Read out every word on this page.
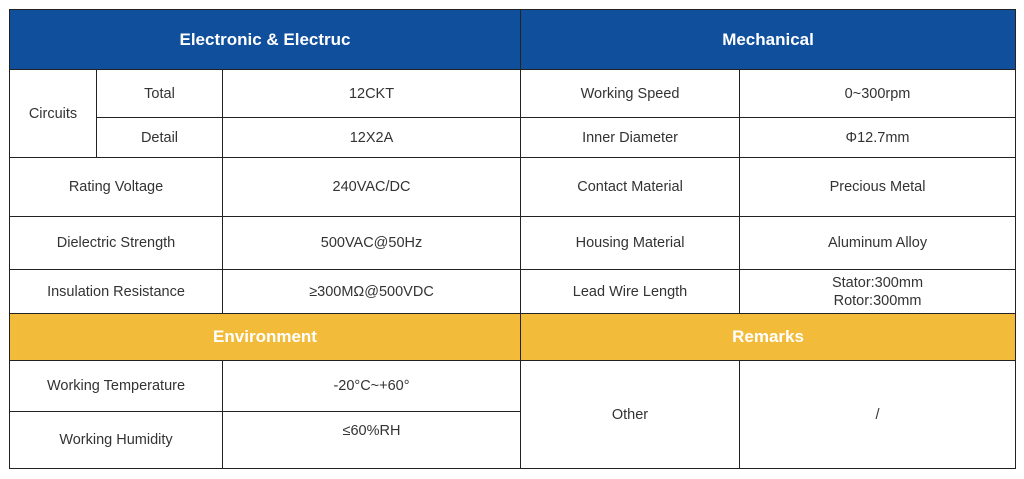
Electronic & Electruc			Mechanical	
Circuits	Total	12CKT	Working Speed	0~300rpm
	Detail	12X2A	Inner Diameter	Φ12.7mm
Rating Voltage		240VAC/DC	Contact Material	Precious Metal
Dielectric Strength		500VAC@50Hz	Housing Material	Aluminum Alloy
Insulation Resistance		≥300MΩ@500VDC	Lead Wire Length	Stator:300mm
Rotor:300mm

Environment			Remarks	
Working Temperature		-20°C~+60°	Other	/
Working Humidity		≤60%RH		
